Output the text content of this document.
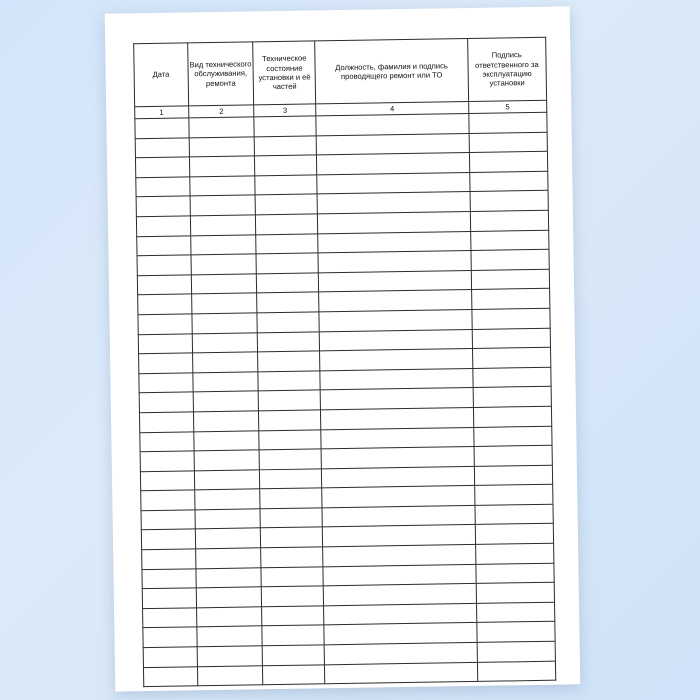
Дата	Вид технического обслуживания, ремонта	Техническое состояние установки и её частей	Должность, фамилия и подпись проводящего ремонт или ТО	Подпись ответственного за эксплуатацию установки
1	2	3	4	5
